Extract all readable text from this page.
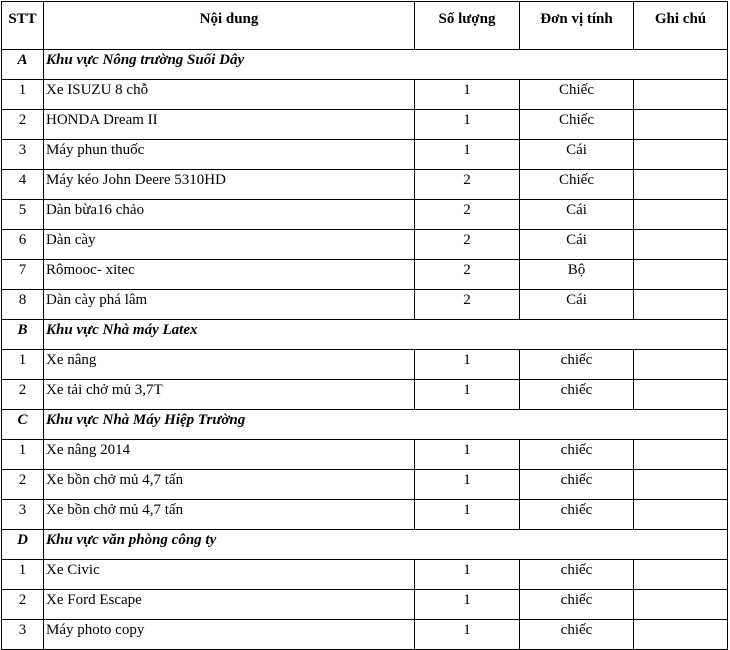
STT	Nội dung	Số lượng	Đơn vị tính	Ghi chú
A	Khu vực Nông trường Suối Dây			
1	Xe ISUZU 8 chỗ	1	Chiếc	
2	HONDA Dream II	1	Chiếc	
3	Máy phun thuốc	1	Cái	
4	Máy kéo John Deere 5310HD	2	Chiếc	
5	Dàn bừa16 chảo	2	Cái	
6	Dàn cày	2	Cái	
7	Rômooc- xitec	2	Bộ	
8	Dàn cày phá lâm	2	Cái	
B	Khu vực Nhà máy Latex			
1	Xe nâng	1	chiếc	
2	Xe tải chở mủ 3,7T	1	chiếc	
C	Khu vực Nhà Máy Hiệp Trường			
1	Xe nâng 2014	1	chiếc	
2	Xe bồn chở mủ 4,7 tấn	1	chiếc	
3	Xe bồn chở mủ 4,7 tấn	1	chiếc	
D	Khu vực văn phòng công ty			
1	Xe Civic	1	chiếc	
2	Xe Ford Escape	1	chiếc	
3	Máy photo copy	1	chiếc	
